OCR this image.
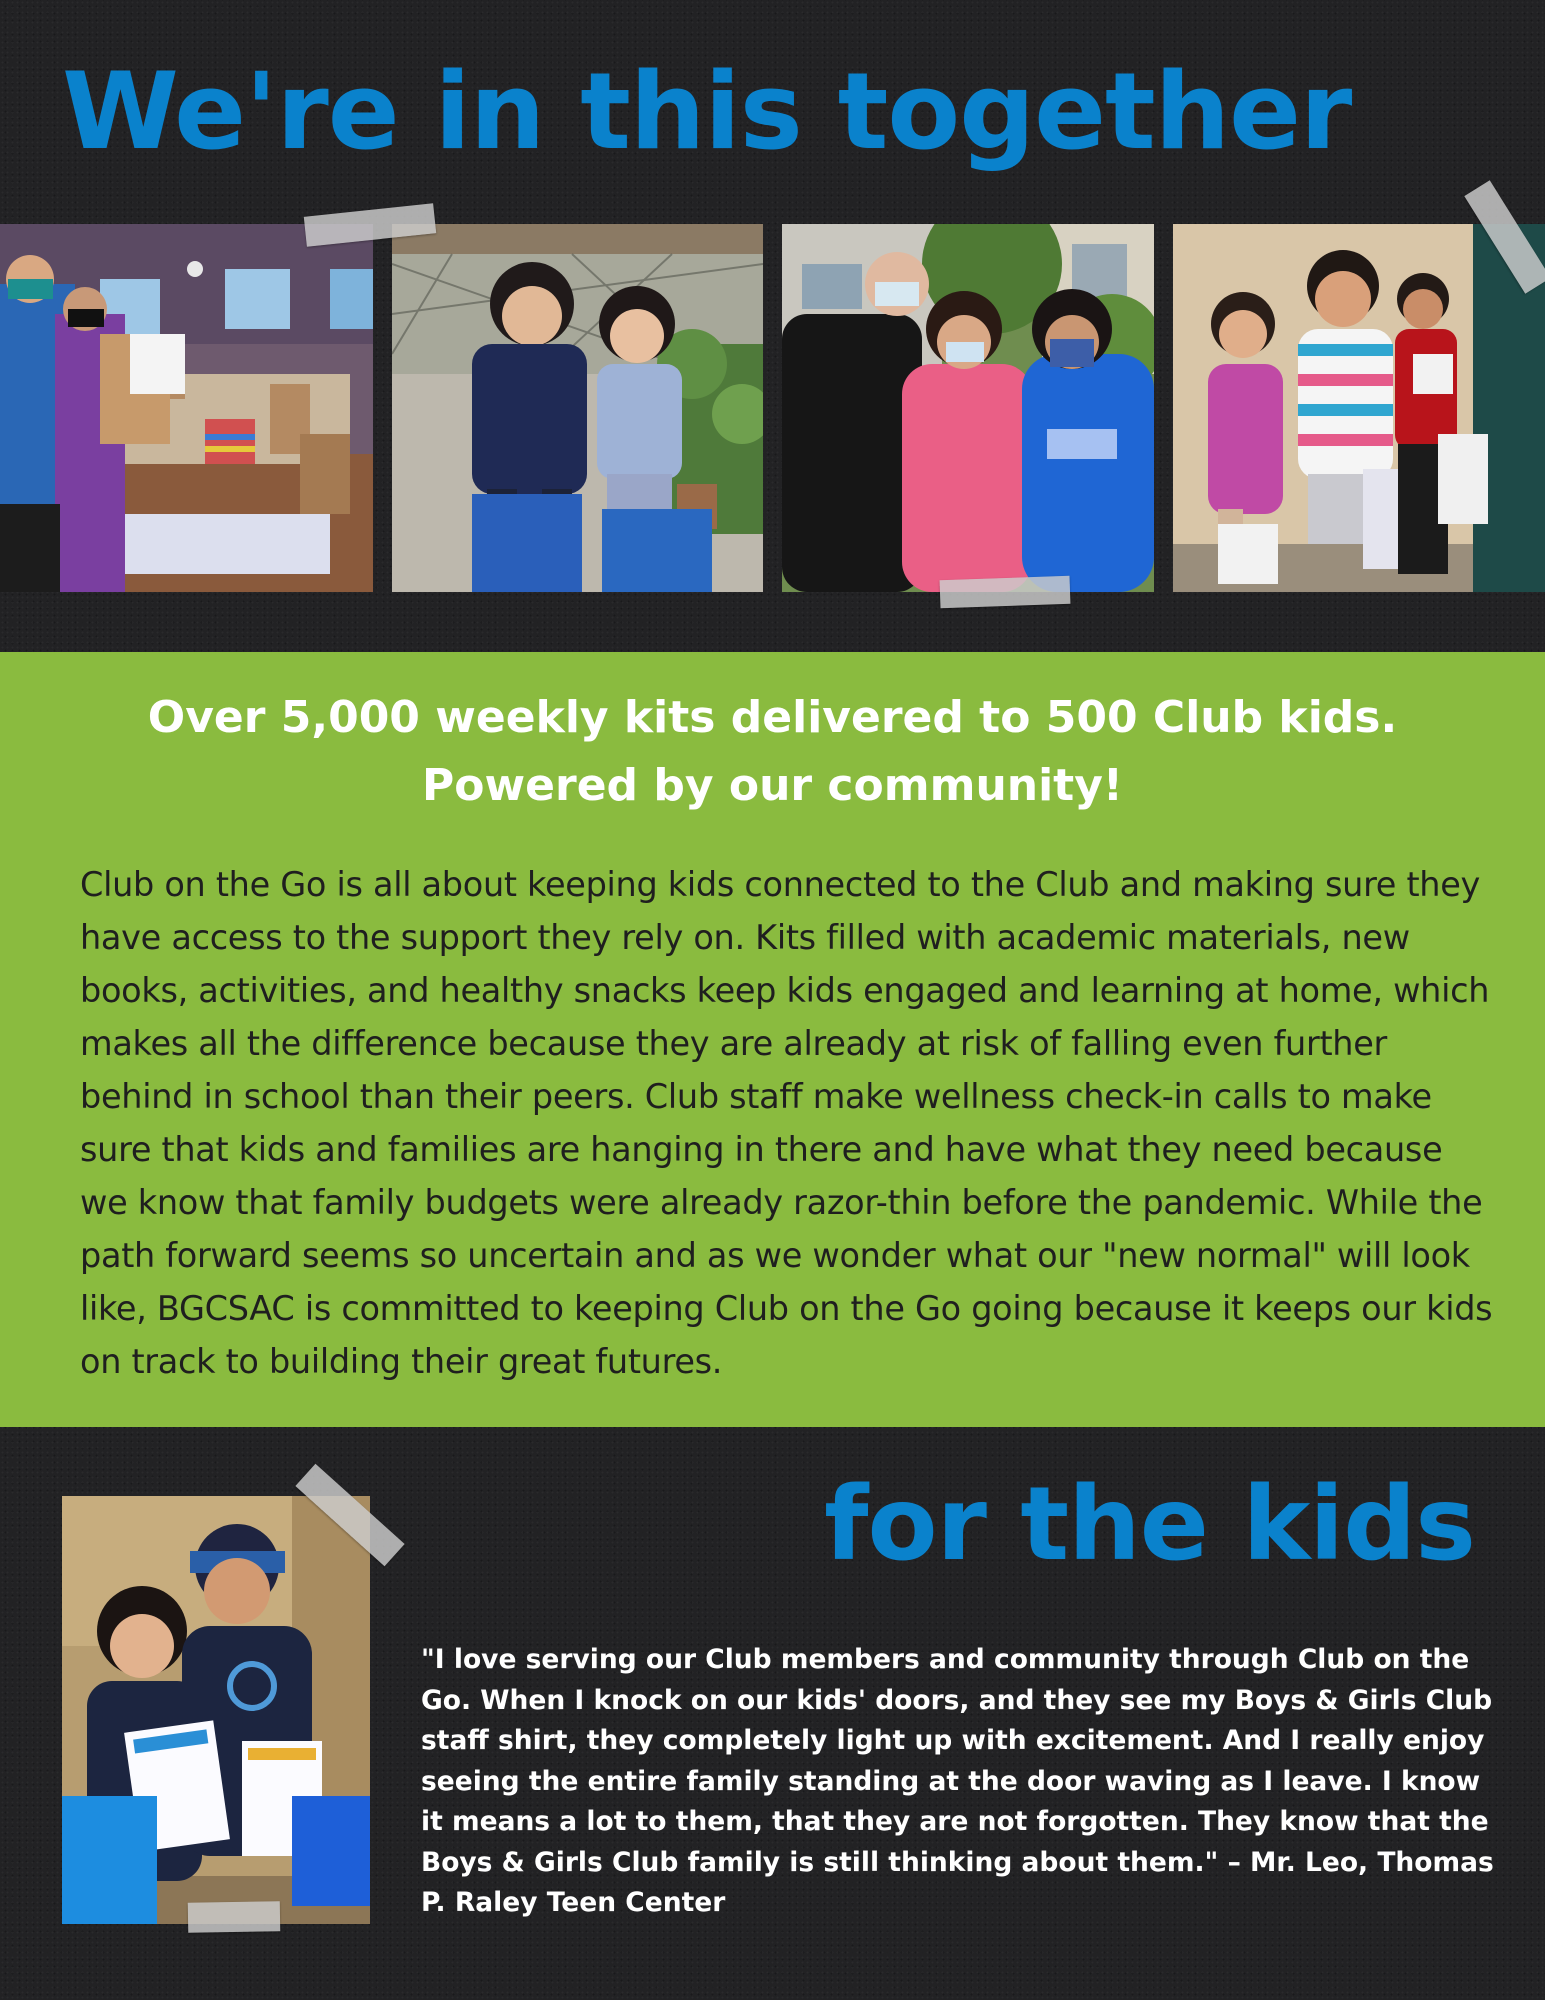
We're in this together
Over 5,000 weekly kits delivered to 500 Club kids.
Powered by our community!

Club on the Go is all about keeping kids connected to the Club and making sure they have access to the support they rely on. Kits filled with academic materials, new books, activities, and healthy snacks keep kids engaged and learning at home, which makes all the difference because they are already at risk of falling even further behind in school than their peers. Club staff make wellness check-in calls to make sure that kids and families are hanging in there and have what they need because we know that family budgets were already razor-thin before the pandemic. While the path forward seems so uncertain and as we wonder what our "new normal" will look like, BGCSAC is committed to keeping Club on the Go going because it keeps our kids on track to building their great futures.

for the kids

"I love serving our Club members and community through Club on the Go. When I knock on our kids' doors, and they see my Boys & Girls Club staff shirt, they completely light up with excitement. And I really enjoy seeing the entire family standing at the door waving as I leave. I know it means a lot to them, that they are not forgotten. They know that the Boys & Girls Club family is still thinking about them." – Mr. Leo, Thomas P. Raley Teen Center
